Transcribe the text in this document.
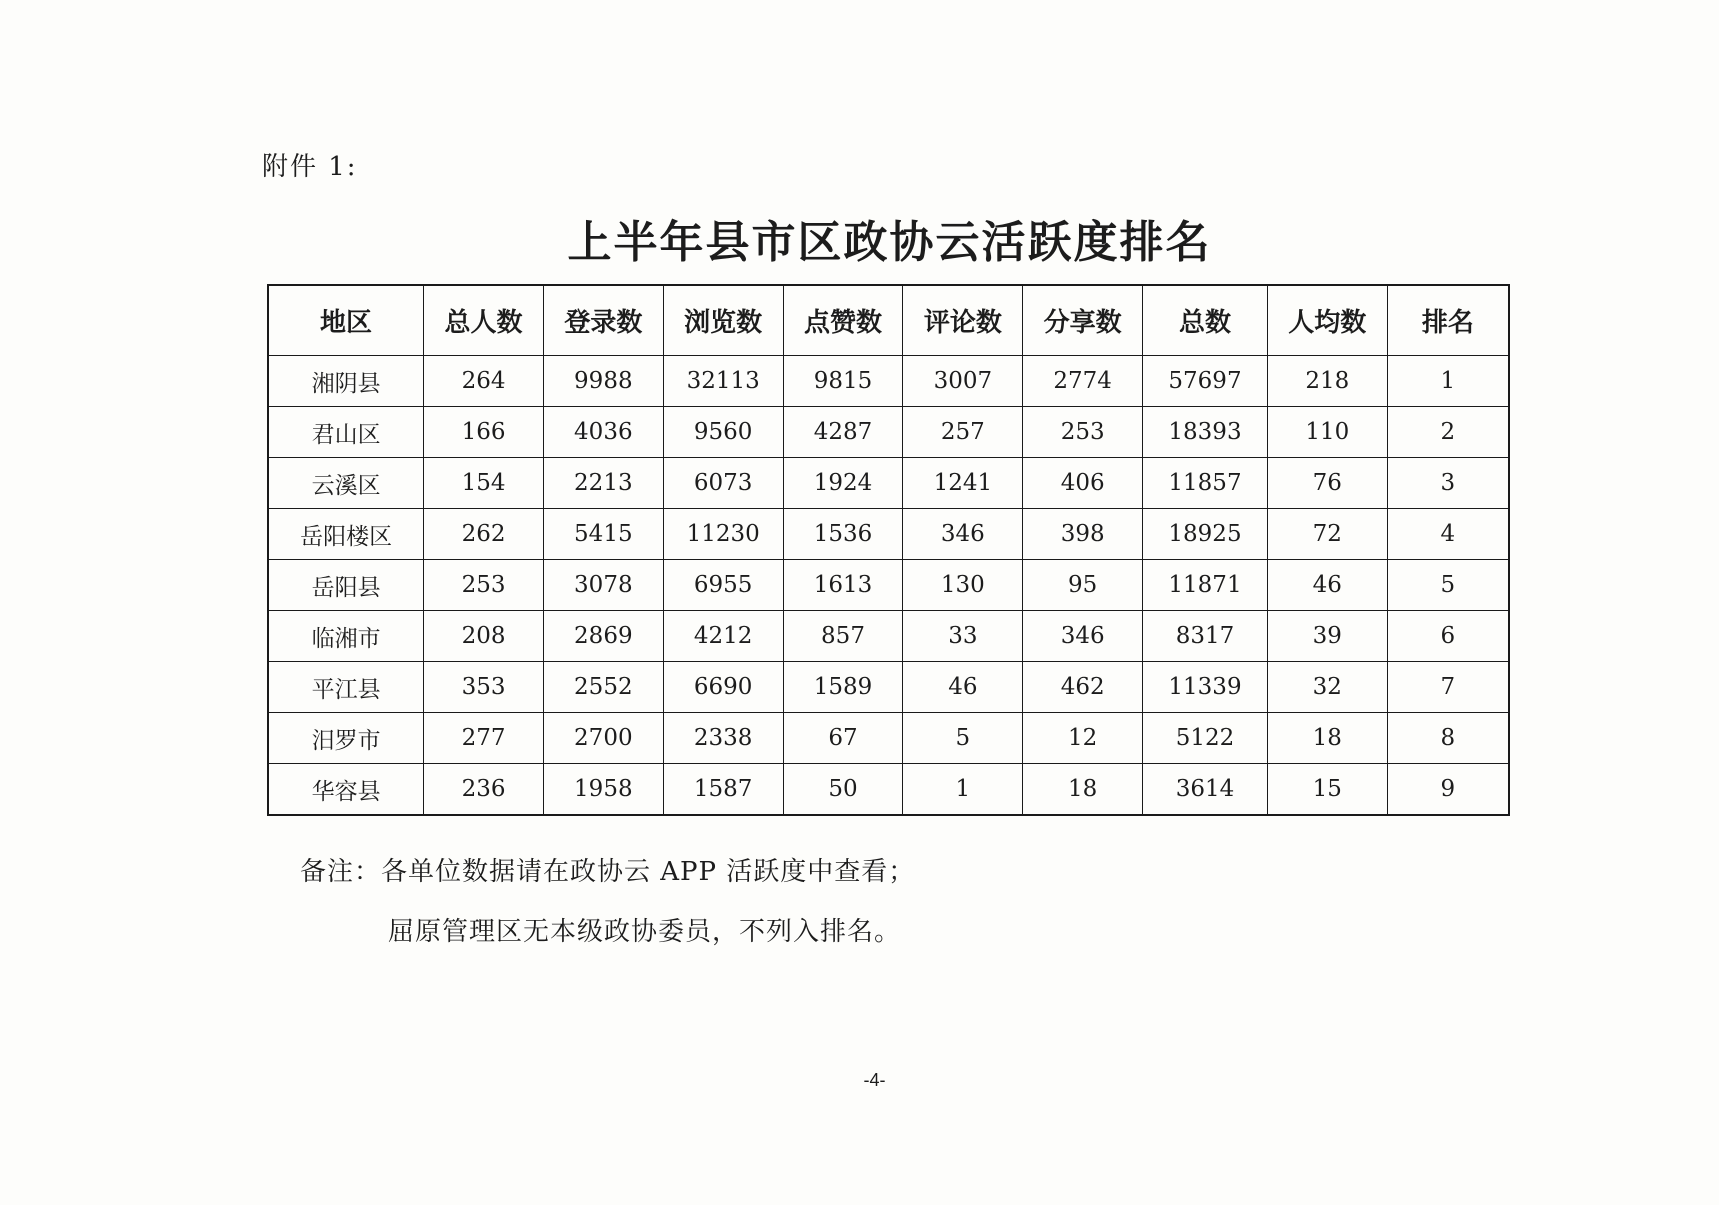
附件 1:
上半年县市区政协云活跃度排名
地区	总人数	登录数	浏览数	点赞数	评论数	分享数	总数	人均数	排名
湘阴县	264	9988	32113	9815	3007	2774	57697	218	1
君山区	166	4036	9560	4287	257	253	18393	110	2
云溪区	154	2213	6073	1924	1241	406	11857	76	3
岳阳楼区	262	5415	11230	1536	346	398	18925	72	4
岳阳县	253	3078	6955	1613	130	95	11871	46	5
临湘市	208	2869	4212	857	33	346	8317	39	6
平江县	353	2552	6690	1589	46	462	11339	32	7
汨罗市	277	2700	2338	67	5	12	5122	18	8
华容县	236	1958	1587	50	1	18	3614	15	9
备注：各单位数据请在政协云 APP 活跃度中查看；
屈原管理区无本级政协委员，不列入排名。
-4-
